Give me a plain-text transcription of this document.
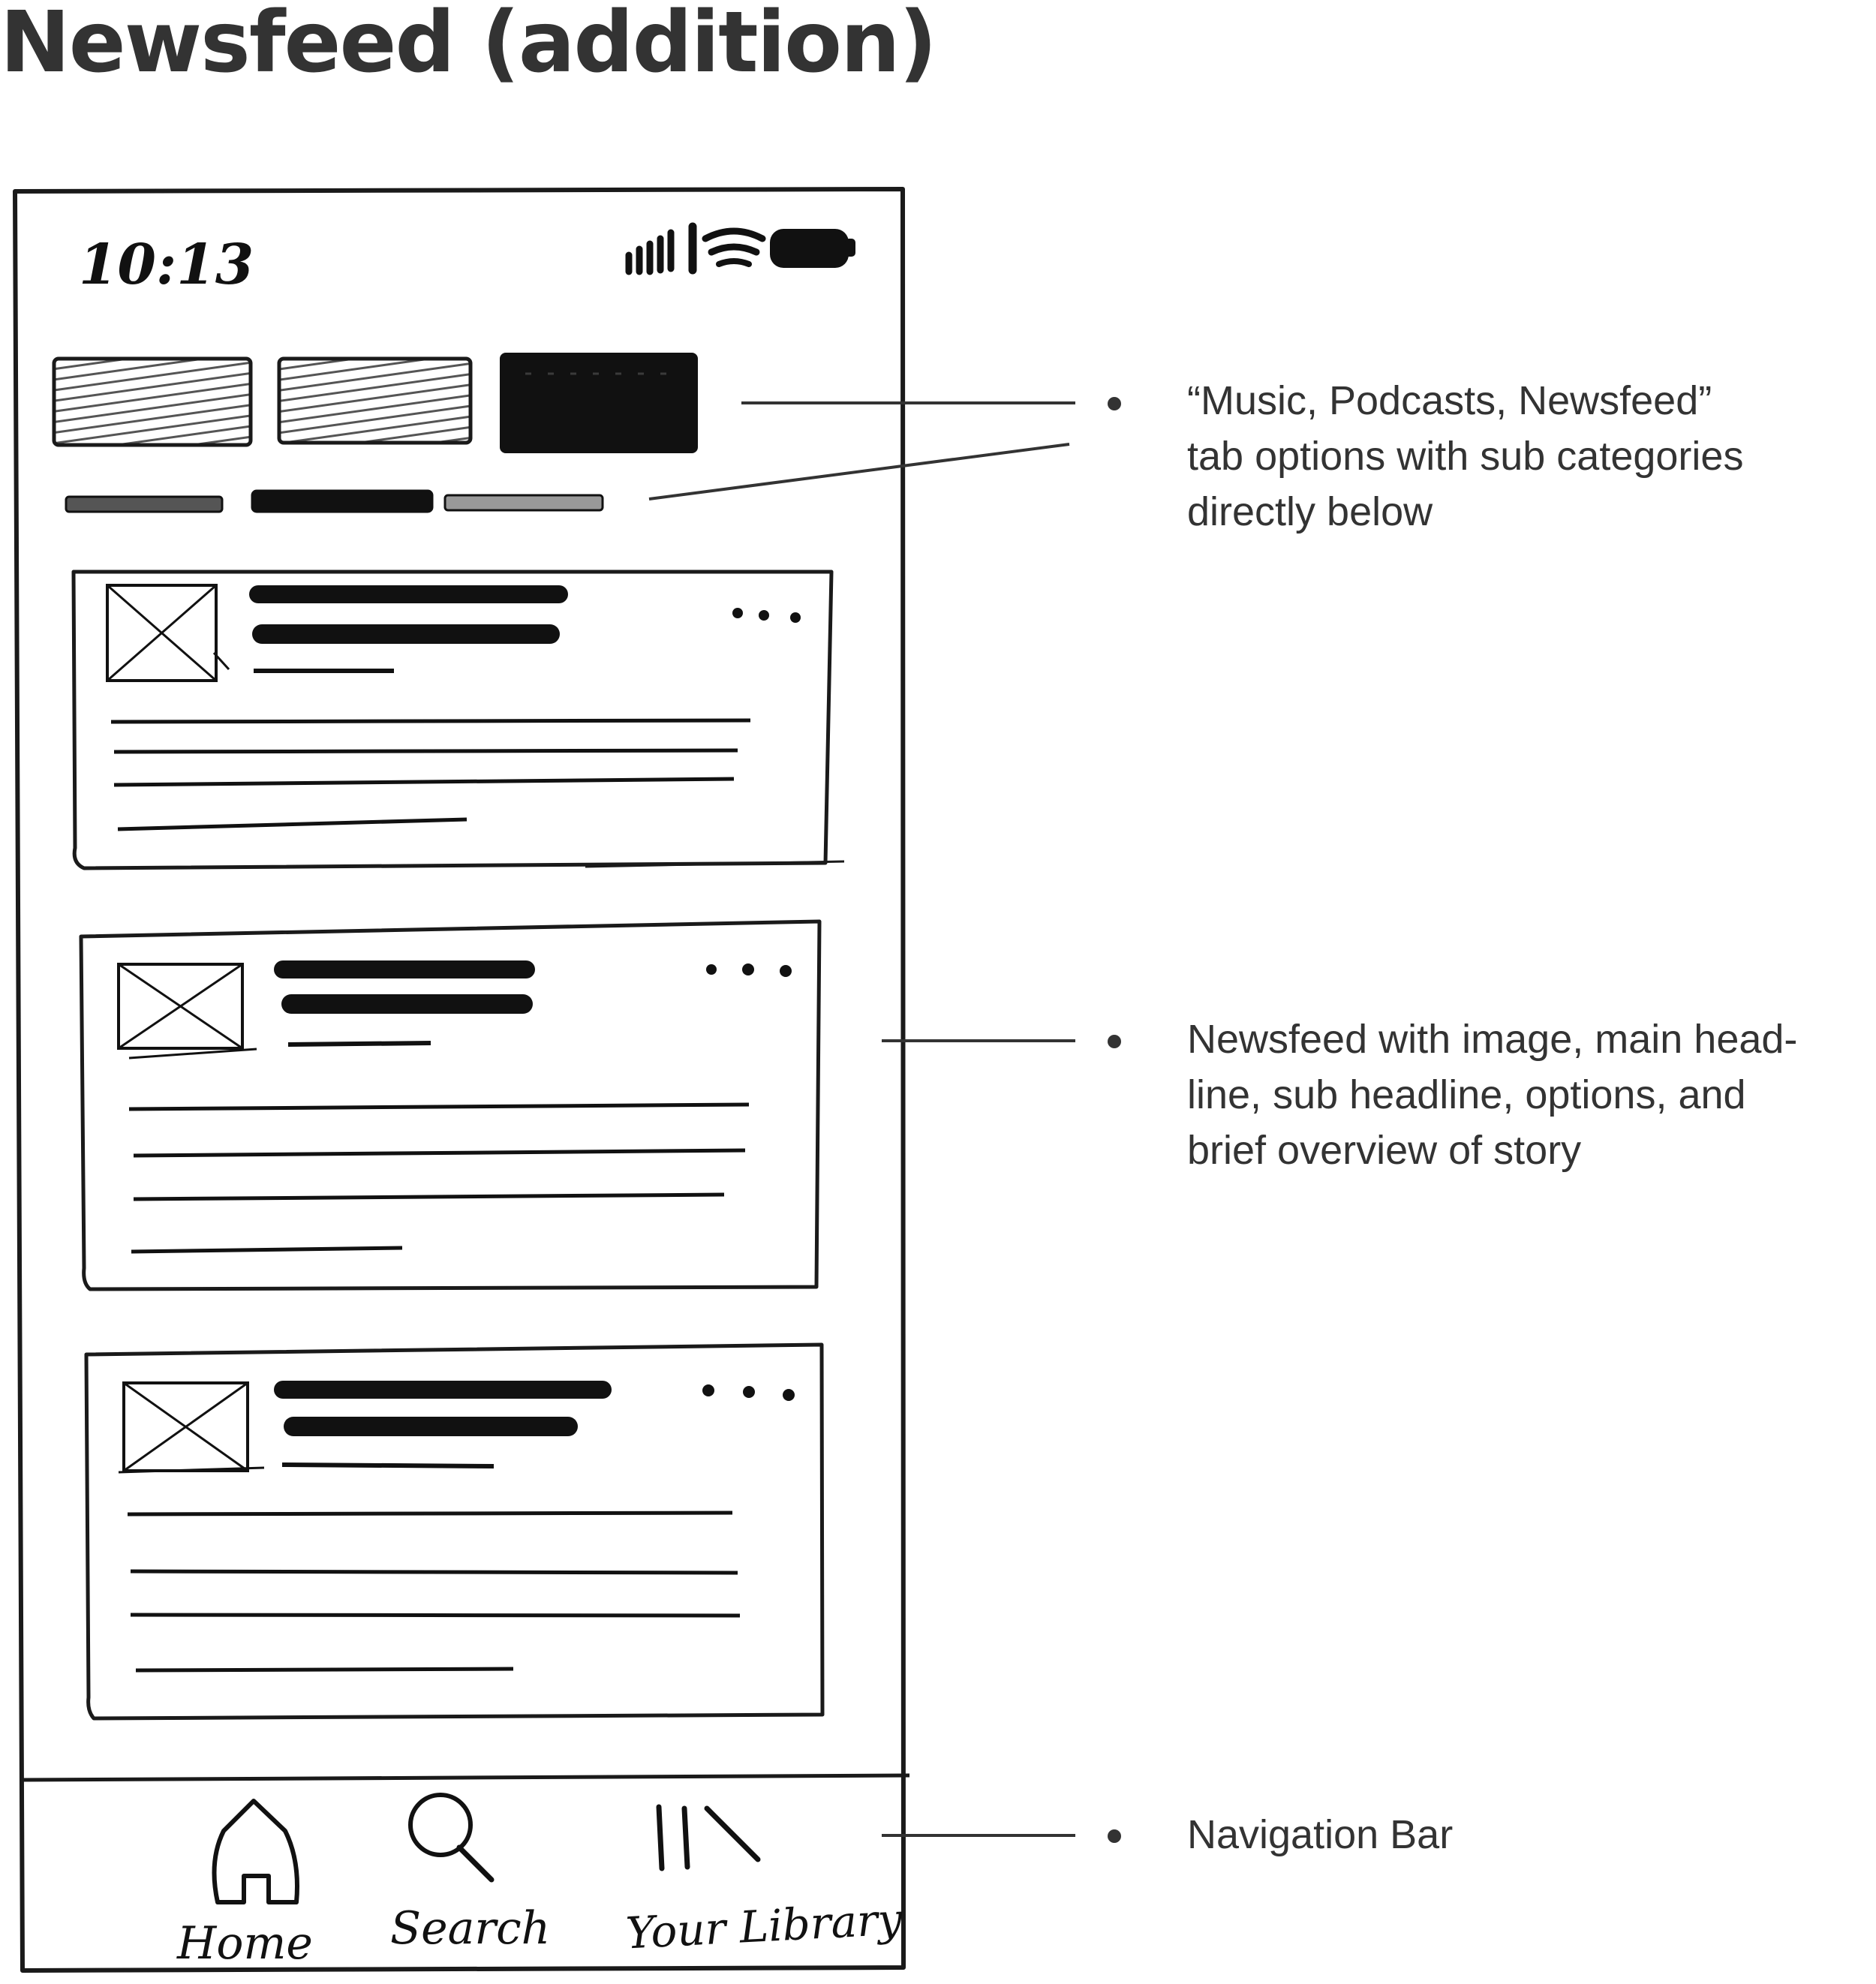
Newsfeed (addition)
10:13
Home Search Your Library
“Music, Podcasts, Newsfeed”
tab options with sub categories
directly below
Newsfeed with image, main head-
line, sub headline, options, and
brief overview of story
Navigation Bar
